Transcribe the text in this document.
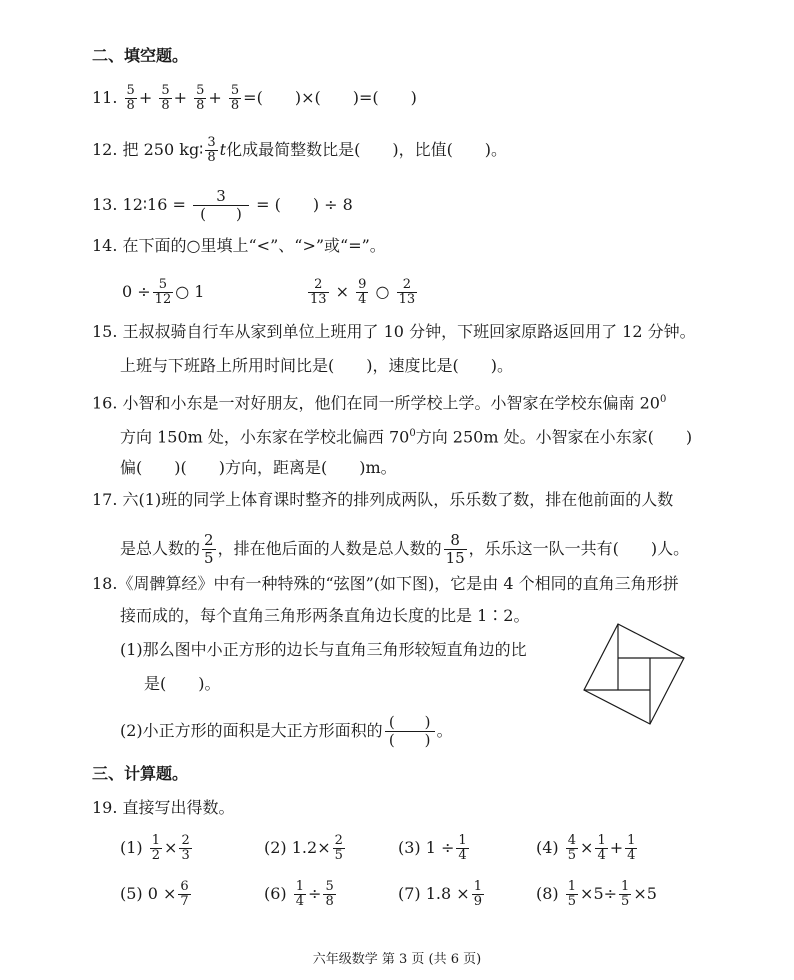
二、填空题。
11. $\frac{5}{8} + \frac{5}{8} + \frac{5}{8} + \frac{5}{8}$ =(　　)×(　　)=(　　)
12. 把 250 kg∶ $\frac{3}{8}$ t化成最简整数比是(　　)，比值(　　)。
13. 12∶16 = $\frac{3}{( )}$ = (　　) ÷ 8
14. 在下面的○里填上“<”、“>”或“=”。
$0 \div \frac{5}{12}$ ○ 1	$\frac{2}{13} \times \frac{9}{4}$ ○ $\frac{2}{13}$
15. 王叔叔骑自行车从家到单位上班用了 10 分钟，下班回家原路返回用了 12 分钟。
上班与下班路上所用时间比是(　　)，速度比是(　　)。
16. 小智和小东是一对好朋友，他们在同一所学校上学。小智家在学校东偏南 $20^0$
方向 150m 处，小东家在学校北偏西 $70^0$方向 250m 处。小智家在小东家(　　)
偏(　　)(　　)方向，距离是(　　)m。
17. 六(1)班的同学上体育课时整齐的排列成两队，乐乐数了数，排在他前面的人数
是总人数的 $\frac{2}{5}$ ，排在他后面的人数是总人数的 $\frac{8}{15}$ ，乐乐这一队一共有(　　)人。
18.《周髀算经》中有一种特殊的“弦图”(如下图)，它是由 4 个相同的直角三角形拼
接而成的，每个直角三角形两条直角边长度的比是 1∶2。
(1)那么图中小正方形的边长与直角三角形较短直角边的比
是(　　)。
(2)小正方形的面积是大正方形面积的 $\frac{( )}{( )}$ 。
三、计算题。
19. 直接写出得数。
$(1) \frac{1}{2} \times \frac{2}{3}$	(2) $1.2\times \frac{2}{5}$	(3) $1 \div \frac{1}{4}$	$(4) \frac{4}{5} \times \frac{1}{4} + \frac{1}{4}$
(5) $0 \times \frac{6}{7}$	$(6) \frac{1}{4} \div \frac{5}{8}$	(7) $1.8 \times \frac{1}{9}$	$(8) \frac{1}{5} \times 5\div \frac{1}{5} \times 5$
六年级数学 第 3 页 (共 6 页)
